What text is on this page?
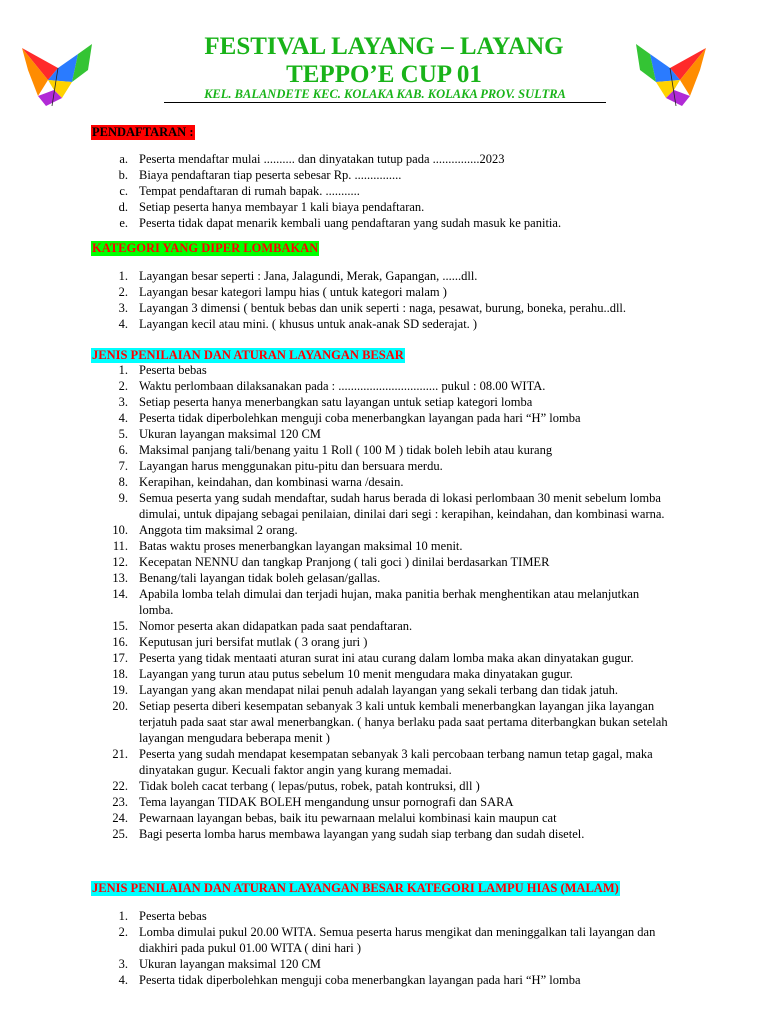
FESTIVAL LAYANG – LAYANG
TEPPO’E CUP 01
KEL. BALANDETE KEC. KOLAKA KAB. KOLAKA PROV. SULTRA
PENDAFTARAN :
a. Peserta mendaftar mulai .......... dan dinyatakan tutup pada ...............2023
b. Biaya pendaftaran tiap peserta sebesar Rp. ...............
c. Tempat pendaftaran di rumah bapak. ...........
d. Setiap peserta hanya membayar 1 kali biaya pendaftaran.
e. Peserta tidak dapat menarik kembali uang pendaftaran yang sudah masuk ke panitia.
KATEGORI YANG DIPER LOMBAKAN
1. Layangan besar seperti : Jana, Jalagundi, Merak, Gapangan, ......dll.
2. Layangan besar kategori lampu hias ( untuk kategori malam )
3. Layangan 3 dimensi ( bentuk bebas dan unik seperti : naga, pesawat, burung, boneka, perahu..dll.
4. Layangan kecil atau mini. ( khusus untuk anak-anak SD sederajat. )
JENIS PENILAIAN DAN ATURAN LAYANGAN BESAR
1. Peserta bebas
2. Waktu perlombaan dilaksanakan pada : ................................ pukul : 08.00 WITA.
3. Setiap peserta hanya menerbangkan satu layangan untuk setiap kategori lomba
4. Peserta tidak diperbolehkan menguji coba menerbangkan layangan pada hari “H” lomba
5. Ukuran layangan maksimal 120 CM
6. Maksimal panjang tali/benang yaitu 1 Roll ( 100 M ) tidak boleh lebih atau kurang
7. Layangan harus menggunakan pitu-pitu dan bersuara merdu.
8. Kerapihan, keindahan, dan kombinasi warna /desain.
9. Semua peserta yang sudah mendaftar, sudah harus berada di lokasi perlombaan 30 menit sebelum lomba dimulai, untuk dipajang sebagai penilaian, dinilai dari segi : kerapihan, keindahan, dan kombinasi warna.
10. Anggota tim maksimal 2 orang.
11. Batas waktu proses menerbangkan layangan maksimal 10 menit.
12. Kecepatan NENNU dan tangkap Pranjong ( tali goci ) dinilai berdasarkan TIMER
13. Benang/tali layangan tidak boleh gelasan/gallas.
14. Apabila lomba telah dimulai dan terjadi hujan, maka panitia berhak menghentikan atau melanjutkan lomba.
15. Nomor peserta akan didapatkan pada saat pendaftaran.
16. Keputusan juri bersifat mutlak ( 3 orang juri )
17. Peserta yang tidak mentaati aturan surat ini atau curang dalam lomba maka akan dinyatakan gugur.
18. Layangan yang turun atau putus sebelum 10 menit mengudara maka dinyatakan gugur.
19. Layangan yang akan mendapat nilai penuh adalah layangan yang sekali terbang dan tidak jatuh.
20. Setiap peserta diberi kesempatan sebanyak 3 kali untuk kembali menerbangkan layangan jika layangan terjatuh pada saat star awal menerbangkan. ( hanya berlaku pada saat pertama diterbangkan bukan setelah layangan mengudara beberapa menit )
21. Peserta yang sudah mendapat kesempatan sebanyak 3 kali percobaan terbang namun tetap gagal, maka dinyatakan gugur. Kecuali faktor angin yang kurang memadai.
22. Tidak boleh cacat terbang ( lepas/putus, robek, patah kontruksi, dll )
23. Tema layangan TIDAK BOLEH mengandung unsur pornografi dan SARA
24. Pewarnaan layangan bebas, baik itu pewarnaan melalui kombinasi kain maupun cat
25. Bagi peserta lomba harus membawa layangan yang sudah siap terbang dan sudah disetel.
JENIS PENILAIAN DAN ATURAN LAYANGAN BESAR KATEGORI LAMPU HIAS (MALAM)
1. Peserta bebas
2. Lomba dimulai pukul 20.00 WITA. Semua peserta harus mengikat dan meninggalkan tali layangan dan diakhiri pada pukul 01.00 WITA ( dini hari )
3. Ukuran layangan maksimal 120 CM
4. Peserta tidak diperbolehkan menguji coba menerbangkan layangan pada hari “H” lomba
